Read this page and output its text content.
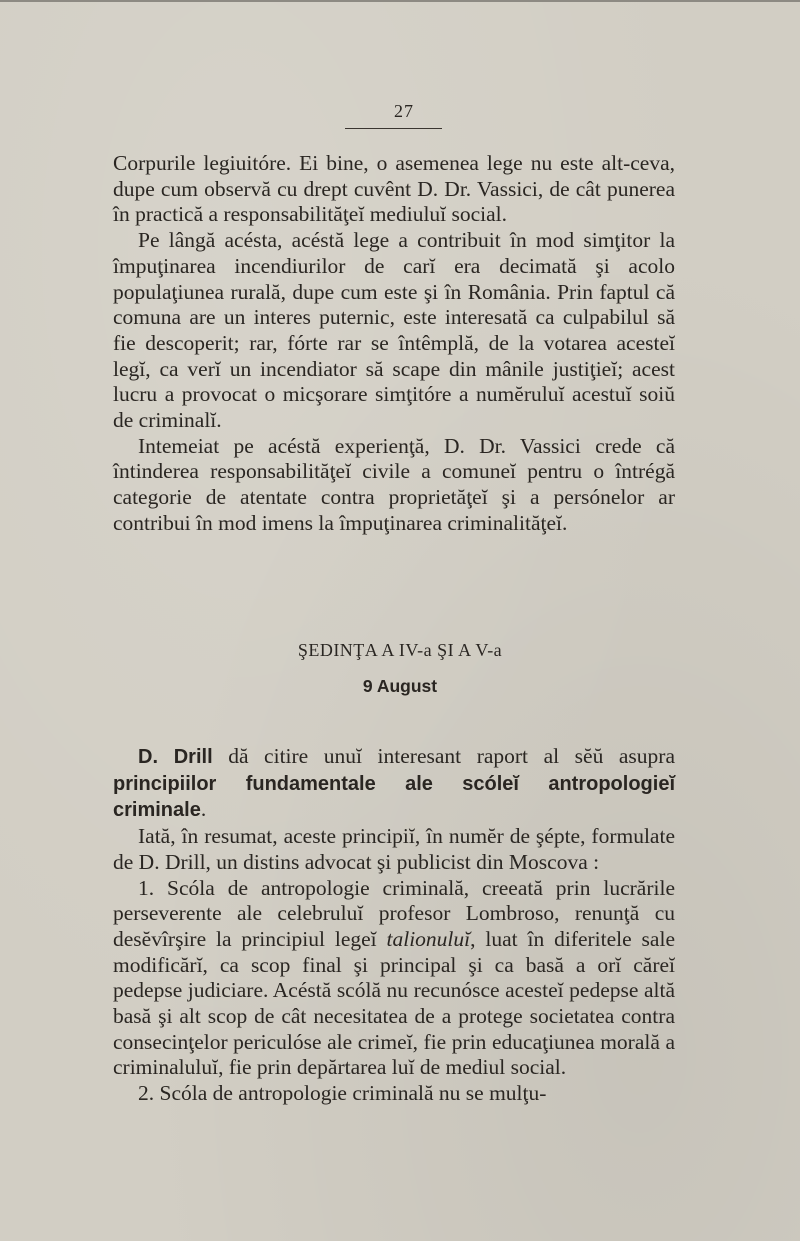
27

Corpurile legiuitóre. Ei bine, o asemenea lege nu este alt-ceva, dupe cum observă cu drept cuvênt D. Dr. Vassici, de cât punerea în practică a responsabilităţeĭ mediuluĭ social.

Pe lângă acésta, acéstă lege a contribuit în mod simţitor la împuţinarea incendiurilor de carĭ era decimată şi acolo populaţiunea rurală, dupe cum este şi în România. Prin faptul că comuna are un interes puternic, este interesată ca culpabilul să fie descoperit; rar, fórte rar se întêmplă, de la votarea acesteĭ legĭ, ca verĭ un incendiator să scape din mânile justiţieĭ; acest lucru a provocat o micşorare simţitóre a numĕruluĭ acestuĭ soiŭ de criminalĭ.

Intemeiat pe acéstă experienţă, D. Dr. Vassici crede că întinderea responsabilităţeĭ civile a comuneĭ pentru o întrégă categorie de atentate contra proprietăţeĭ şi a persónelor ar contribui în mod imens la împuţinarea criminalităţeĭ.

ŞEDINŢA A IV-a ŞI A V-a
9 August

D. Drill dă citire unuĭ interesant raport al sĕŭ asupra principiilor fundamentale ale scóleĭ antropologieĭ criminale.

Iată, în resumat, aceste principiĭ, în numĕr de şépte, formulate de D. Drill, un distins advocat şi publicist din Moscova :

1. Scóla de antropologie criminală, creeată prin lucrările perseverente ale celebruluĭ profesor Lombroso, renunţă cu desĕvîrşire la principiul legeĭ talionuluĭ, luat în diferitele sale modificărĭ, ca scop final şi principal şi ca basă a orĭ căreĭ pedepse judiciare. Acéstă scólă nu recunósce acesteĭ pedepse altă basă şi alt scop de cât necesitatea de a protege societatea contra consecinţelor periculóse ale crimeĭ, fie prin educaţiunea morală a criminaluluĭ, fie prin depărtarea luĭ de mediul social.

2. Scóla de antropologie criminală nu se mulţu-
